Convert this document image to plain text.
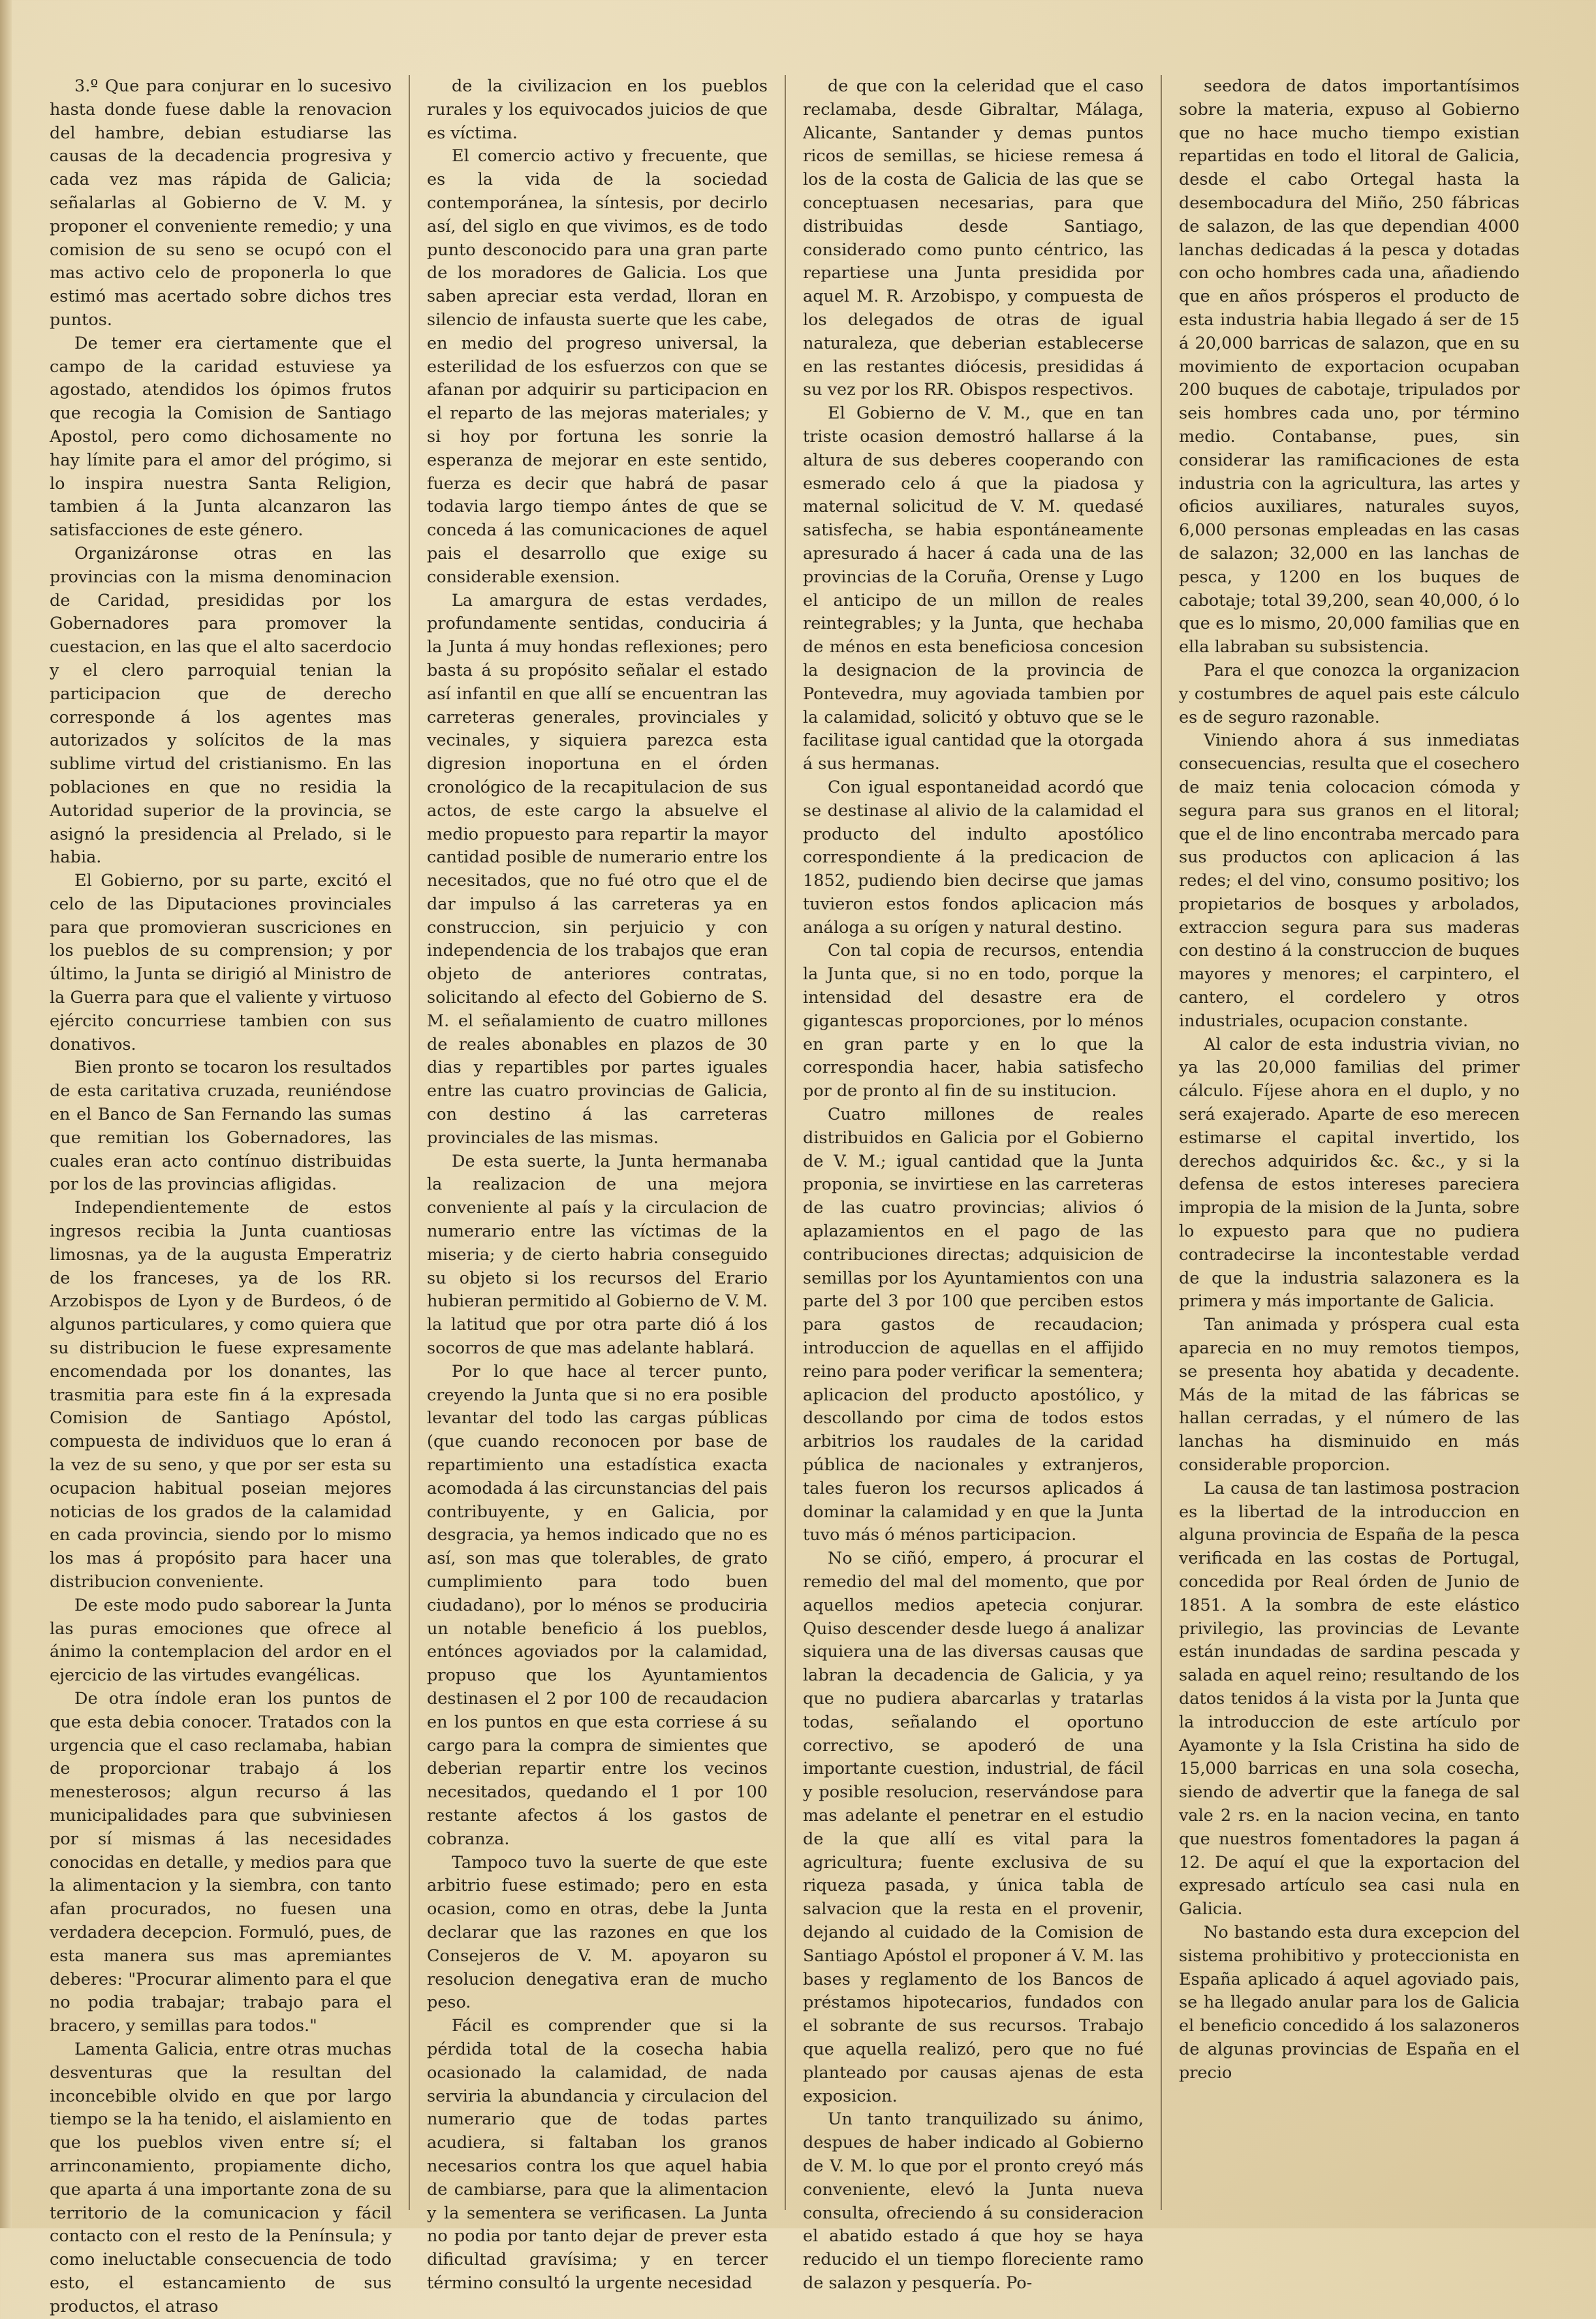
3.º Que para conjurar en lo sucesivo hasta donde fuese dable la renovacion del hambre, debian estudiarse las causas de la decadencia progresiva y cada vez mas rápida de Galicia; señalarlas al Gobierno de V. M. y proponer el conveniente remedio; y una comision de su seno se ocupó con el mas activo celo de proponerla lo que estimó mas acertado sobre dichos tres puntos.

De temer era ciertamente que el campo de la caridad estuviese ya agostado, atendidos los ópimos frutos que recogia la Comision de Santiago Apostol, pero como dichosamente no hay límite para el amor del prógimo, si lo inspira nuestra Santa Religion, tambien á la Junta alcanzaron las satisfacciones de este género.

Organizáronse otras en las provincias con la misma denominacion de Caridad, presididas por los Gobernadores para promover la cuestacion, en las que el alto sacerdocio y el clero parroquial tenian la participacion que de derecho corresponde á los agentes mas autorizados y solícitos de la mas sublime virtud del cristianismo. En las poblaciones en que no residia la Autoridad superior de la provincia, se asignó la presidencia al Prelado, si le habia.

El Gobierno, por su parte, excitó el celo de las Diputaciones provinciales para que promovieran suscriciones en los pueblos de su comprension; y por último, la Junta se dirigió al Ministro de la Guerra para que el valiente y virtuoso ejército concurriese tambien con sus donativos.

Bien pronto se tocaron los resultados de esta caritativa cruzada, reuniéndose en el Banco de San Fernando las sumas que remitian los Gobernadores, las cuales eran acto contínuo distribuidas por los de las provincias afligidas.

Independientemente de estos ingresos recibia la Junta cuantiosas limosnas, ya de la augusta Emperatriz de los franceses, ya de los RR. Arzobispos de Lyon y de Burdeos, ó de algunos particulares, y como quiera que su distribucion le fuese expresamente encomendada por los donantes, las trasmitia para este fin á la expresada Comision de Santiago Apóstol, compuesta de individuos que lo eran á la vez de su seno, y que por ser esta su ocupacion habitual poseian mejores noticias de los grados de la calamidad en cada provincia, siendo por lo mismo los mas á propósito para hacer una distribucion conveniente.

De este modo pudo saborear la Junta las puras emociones que ofrece al ánimo la contemplacion del ardor en el ejercicio de las virtudes evangélicas.

De otra índole eran los puntos de que esta debia conocer. Tratados con la urgencia que el caso reclamaba, habian de proporcionar trabajo á los menesterosos; algun recurso á las municipalidades para que subviniesen por sí mismas á las necesidades conocidas en detalle, y medios para que la alimentacion y la siembra, con tanto afan procurados, no fuesen una verdadera decepcion. Formuló, pues, de esta manera sus mas apremiantes deberes: "Procurar alimento para el que no podia trabajar; trabajo para el bracero, y semillas para todos."

Lamenta Galicia, entre otras muchas desventuras que la resultan del inconcebible olvido en que por largo tiempo se la ha tenido, el aislamiento en que los pueblos viven entre sí; el arrinconamiento, propiamente dicho, que aparta á una importante zona de su territorio de la comunicacion y fácil contacto con el resto de la Península; y como ineluctable consecuencia de todo esto, el estancamiento de sus productos, el atraso

de la civilizacion en los pueblos rurales y los equivocados juicios de que es víctima.

El comercio activo y frecuente, que es la vida de la sociedad contemporánea, la síntesis, por decirlo así, del siglo en que vivimos, es de todo punto desconocido para una gran parte de los moradores de Galicia. Los que saben apreciar esta verdad, lloran en silencio de infausta suerte que les cabe, en medio del progreso universal, la esterilidad de los esfuerzos con que se afanan por adquirir su participacion en el reparto de las mejoras materiales; y si hoy por fortuna les sonrie la esperanza de mejorar en este sentido, fuerza es decir que habrá de pasar todavia largo tiempo ántes de que se conceda á las comunicaciones de aquel pais el desarrollo que exige su considerable exension.

La amargura de estas verdades, profundamente sentidas, conduciria á la Junta á muy hondas reflexiones; pero basta á su propósito señalar el estado así infantil en que allí se encuentran las carreteras generales, provinciales y vecinales, y siquiera parezca esta digresion inoportuna en el órden cronológico de la recapitulacion de sus actos, de este cargo la absuelve el medio propuesto para repartir la mayor cantidad posible de numerario entre los necesitados, que no fué otro que el de dar impulso á las carreteras ya en construccion, sin perjuicio y con independencia de los trabajos que eran objeto de anteriores contratas, solicitando al efecto del Gobierno de S. M. el señalamiento de cuatro millones de reales abonables en plazos de 30 dias y repartibles por partes iguales entre las cuatro provincias de Galicia, con destino á las carreteras provinciales de las mismas.

De esta suerte, la Junta hermanaba la realizacion de una mejora conveniente al país y la circulacion de numerario entre las víctimas de la miseria; y de cierto habria conseguido su objeto si los recursos del Erario hubieran permitido al Gobierno de V. M. la latitud que por otra parte dió á los socorros de que mas adelante hablará.

Por lo que hace al tercer punto, creyendo la Junta que si no era posible levantar del todo las cargas públicas (que cuando reconocen por base de repartimiento una estadística exacta acomodada á las circunstancias del pais contribuyente, y en Galicia, por desgracia, ya hemos indicado que no es así, son mas que tolerables, de grato cumplimiento para todo buen ciudadano), por lo ménos se produciria un notable beneficio á los pueblos, entónces agoviados por la calamidad, propuso que los Ayuntamientos destinasen el 2 por 100 de recaudacion en los puntos en que esta corriese á su cargo para la compra de simientes que deberian repartir entre los vecinos necesitados, quedando el 1 por 100 restante afectos á los gastos de cobranza.

Tampoco tuvo la suerte de que este arbitrio fuese estimado; pero en esta ocasion, como en otras, debe la Junta declarar que las razones en que los Consejeros de V. M. apoyaron su resolucion denegativa eran de mucho peso.

Fácil es comprender que si la pérdida total de la cosecha habia ocasionado la calamidad, de nada serviria la abundancia y circulacion del numerario que de todas partes acudiera, si faltaban los granos necesarios contra los que aquel habia de cambiarse, para que la alimentacion y la sementera se verificasen. La Junta no podia por tanto dejar de prever esta dificultad gravísima; y en tercer término consultó la urgente necesidad

de que con la celeridad que el caso reclamaba, desde Gibraltar, Málaga, Alicante, Santander y demas puntos ricos de semillas, se hiciese remesa á los de la costa de Galicia de las que se conceptuasen necesarias, para que distribuidas desde Santiago, considerado como punto céntrico, las repartiese una Junta presidida por aquel M. R. Arzobispo, y compuesta de los delegados de otras de igual naturaleza, que deberian establecerse en las restantes diócesis, presididas á su vez por los RR. Obispos respectivos.

El Gobierno de V. M., que en tan triste ocasion demostró hallarse á la altura de sus deberes cooperando con esmerado celo á que la piadosa y maternal solicitud de V. M. quedasé satisfecha, se habia espontáneamente apresurado á hacer á cada una de las provincias de la Coruña, Orense y Lugo el anticipo de un millon de reales reintegrables; y la Junta, que hechaba de ménos en esta beneficiosa concesion la designacion de la provincia de Pontevedra, muy agoviada tambien por la calamidad, solicitó y obtuvo que se le facilitase igual cantidad que la otorgada á sus hermanas.

Con igual espontaneidad acordó que se destinase al alivio de la calamidad el producto del indulto apostólico correspondiente á la predicacion de 1852, pudiendo bien decirse que jamas tuvieron estos fondos aplicacion más análoga a su orígen y natural destino.

Con tal copia de recursos, entendia la Junta que, si no en todo, porque la intensidad del desastre era de gigantescas proporciones, por lo ménos en gran parte y en lo que la correspondia hacer, habia satisfecho por de pronto al fin de su institucion.

Cuatro millones de reales distribuidos en Galicia por el Gobierno de V. M.; igual cantidad que la Junta proponia, se invirtiese en las carreteras de las cuatro provincias; alivios ó aplazamientos en el pago de las contribuciones directas; adquisicion de semillas por los Ayuntamientos con una parte del 3 por 100 que perciben estos para gastos de recaudacion; introduccion de aquellas en el affijido reino para poder verificar la sementera; aplicacion del producto apostólico, y descollando por cima de todos estos arbitrios los raudales de la caridad pública de nacionales y extranjeros, tales fueron los recursos aplicados á dominar la calamidad y en que la Junta tuvo más ó ménos participacion.

No se ciñó, empero, á procurar el remedio del mal del momento, que por aquellos medios apetecia conjurar. Quiso descender desde luego á analizar siquiera una de las diversas causas que labran la decadencia de Galicia, y ya que no pudiera abarcarlas y tratarlas todas, señalando el oportuno correctivo, se apoderó de una importante cuestion, industrial, de fácil y posible resolucion, reservándose para mas adelante el penetrar en el estudio de la que allí es vital para la agricultura; fuente exclusiva de su riqueza pasada, y única tabla de salvacion que la resta en el provenir, dejando al cuidado de la Comision de Santiago Apóstol el proponer á V. M. las bases y reglamento de los Bancos de préstamos hipotecarios, fundados con el sobrante de sus recursos. Trabajo que aquella realizó, pero que no fué planteado por causas ajenas de esta exposicion.

Un tanto tranquilizado su ánimo, despues de haber indicado al Gobierno de V. M. lo que por el pronto creyó más conveniente, elevó la Junta nueva consulta, ofreciendo á su consideracion el abatido estado á que hoy se haya reducido el un tiempo floreciente ramo de salazon y pesquería. Po-

seedora de datos importantísimos sobre la materia, expuso al Gobierno que no hace mucho tiempo existian repartidas en todo el litoral de Galicia, desde el cabo Ortegal hasta la desembocadura del Miño, 250 fábricas de salazon, de las que dependian 4000 lanchas dedicadas á la pesca y dotadas con ocho hombres cada una, añadiendo que en años prósperos el producto de esta industria habia llegado á ser de 15 á 20,000 barricas de salazon, que en su movimiento de exportacion ocupaban 200 buques de cabotaje, tripulados por seis hombres cada uno, por término medio. Contabanse, pues, sin considerar las ramificaciones de esta industria con la agricultura, las artes y oficios auxiliares, naturales suyos, 6,000 personas empleadas en las casas de salazon; 32,000 en las lanchas de pesca, y 1200 en los buques de cabotaje; total 39,200, sean 40,000, ó lo que es lo mismo, 20,000 familias que en ella labraban su subsistencia.

Para el que conozca la organizacion y costumbres de aquel pais este cálculo es de seguro razonable.

Viniendo ahora á sus inmediatas consecuencias, resulta que el cosechero de maiz tenia colocacion cómoda y segura para sus granos en el litoral; que el de lino encontraba mercado para sus productos con aplicacion á las redes; el del vino, consumo positivo; los propietarios de bosques y arbolados, extraccion segura para sus maderas con destino á la construccion de buques mayores y menores; el carpintero, el cantero, el cordelero y otros industriales, ocupacion constante.

Al calor de esta industria vivian, no ya las 20,000 familias del primer cálculo. Fíjese ahora en el duplo, y no será exajerado. Aparte de eso merecen estimarse el capital invertido, los derechos adquiridos &c. &c., y si la defensa de estos intereses pareciera impropia de la mision de la Junta, sobre lo expuesto para que no pudiera contradecirse la incontestable verdad de que la industria salazonera es la primera y más importante de Galicia.

Tan animada y próspera cual esta aparecia en no muy remotos tiempos, se presenta hoy abatida y decadente. Más de la mitad de las fábricas se hallan cerradas, y el número de las lanchas ha disminuido en más considerable proporcion.

La causa de tan lastimosa postracion es la libertad de la introduccion en alguna provincia de España de la pesca verificada en las costas de Portugal, concedida por Real órden de Junio de 1851. A la sombra de este elástico privilegio, las provincias de Levante están inundadas de sardina pescada y salada en aquel reino; resultando de los datos tenidos á la vista por la Junta que la introduccion de este artículo por Ayamonte y la Isla Cristina ha sido de 15,000 barricas en una sola cosecha, siendo de advertir que la fanega de sal vale 2 rs. en la nacion vecina, en tanto que nuestros fomentadores la pagan á 12. De aquí el que la exportacion del expresado artículo sea casi nula en Galicia.

No bastando esta dura excepcion del sistema prohibitivo y proteccionista en España aplicado á aquel agoviado pais, se ha llegado anular para los de Galicia el beneficio concedido á los salazoneros de algunas provincias de España en el precio
